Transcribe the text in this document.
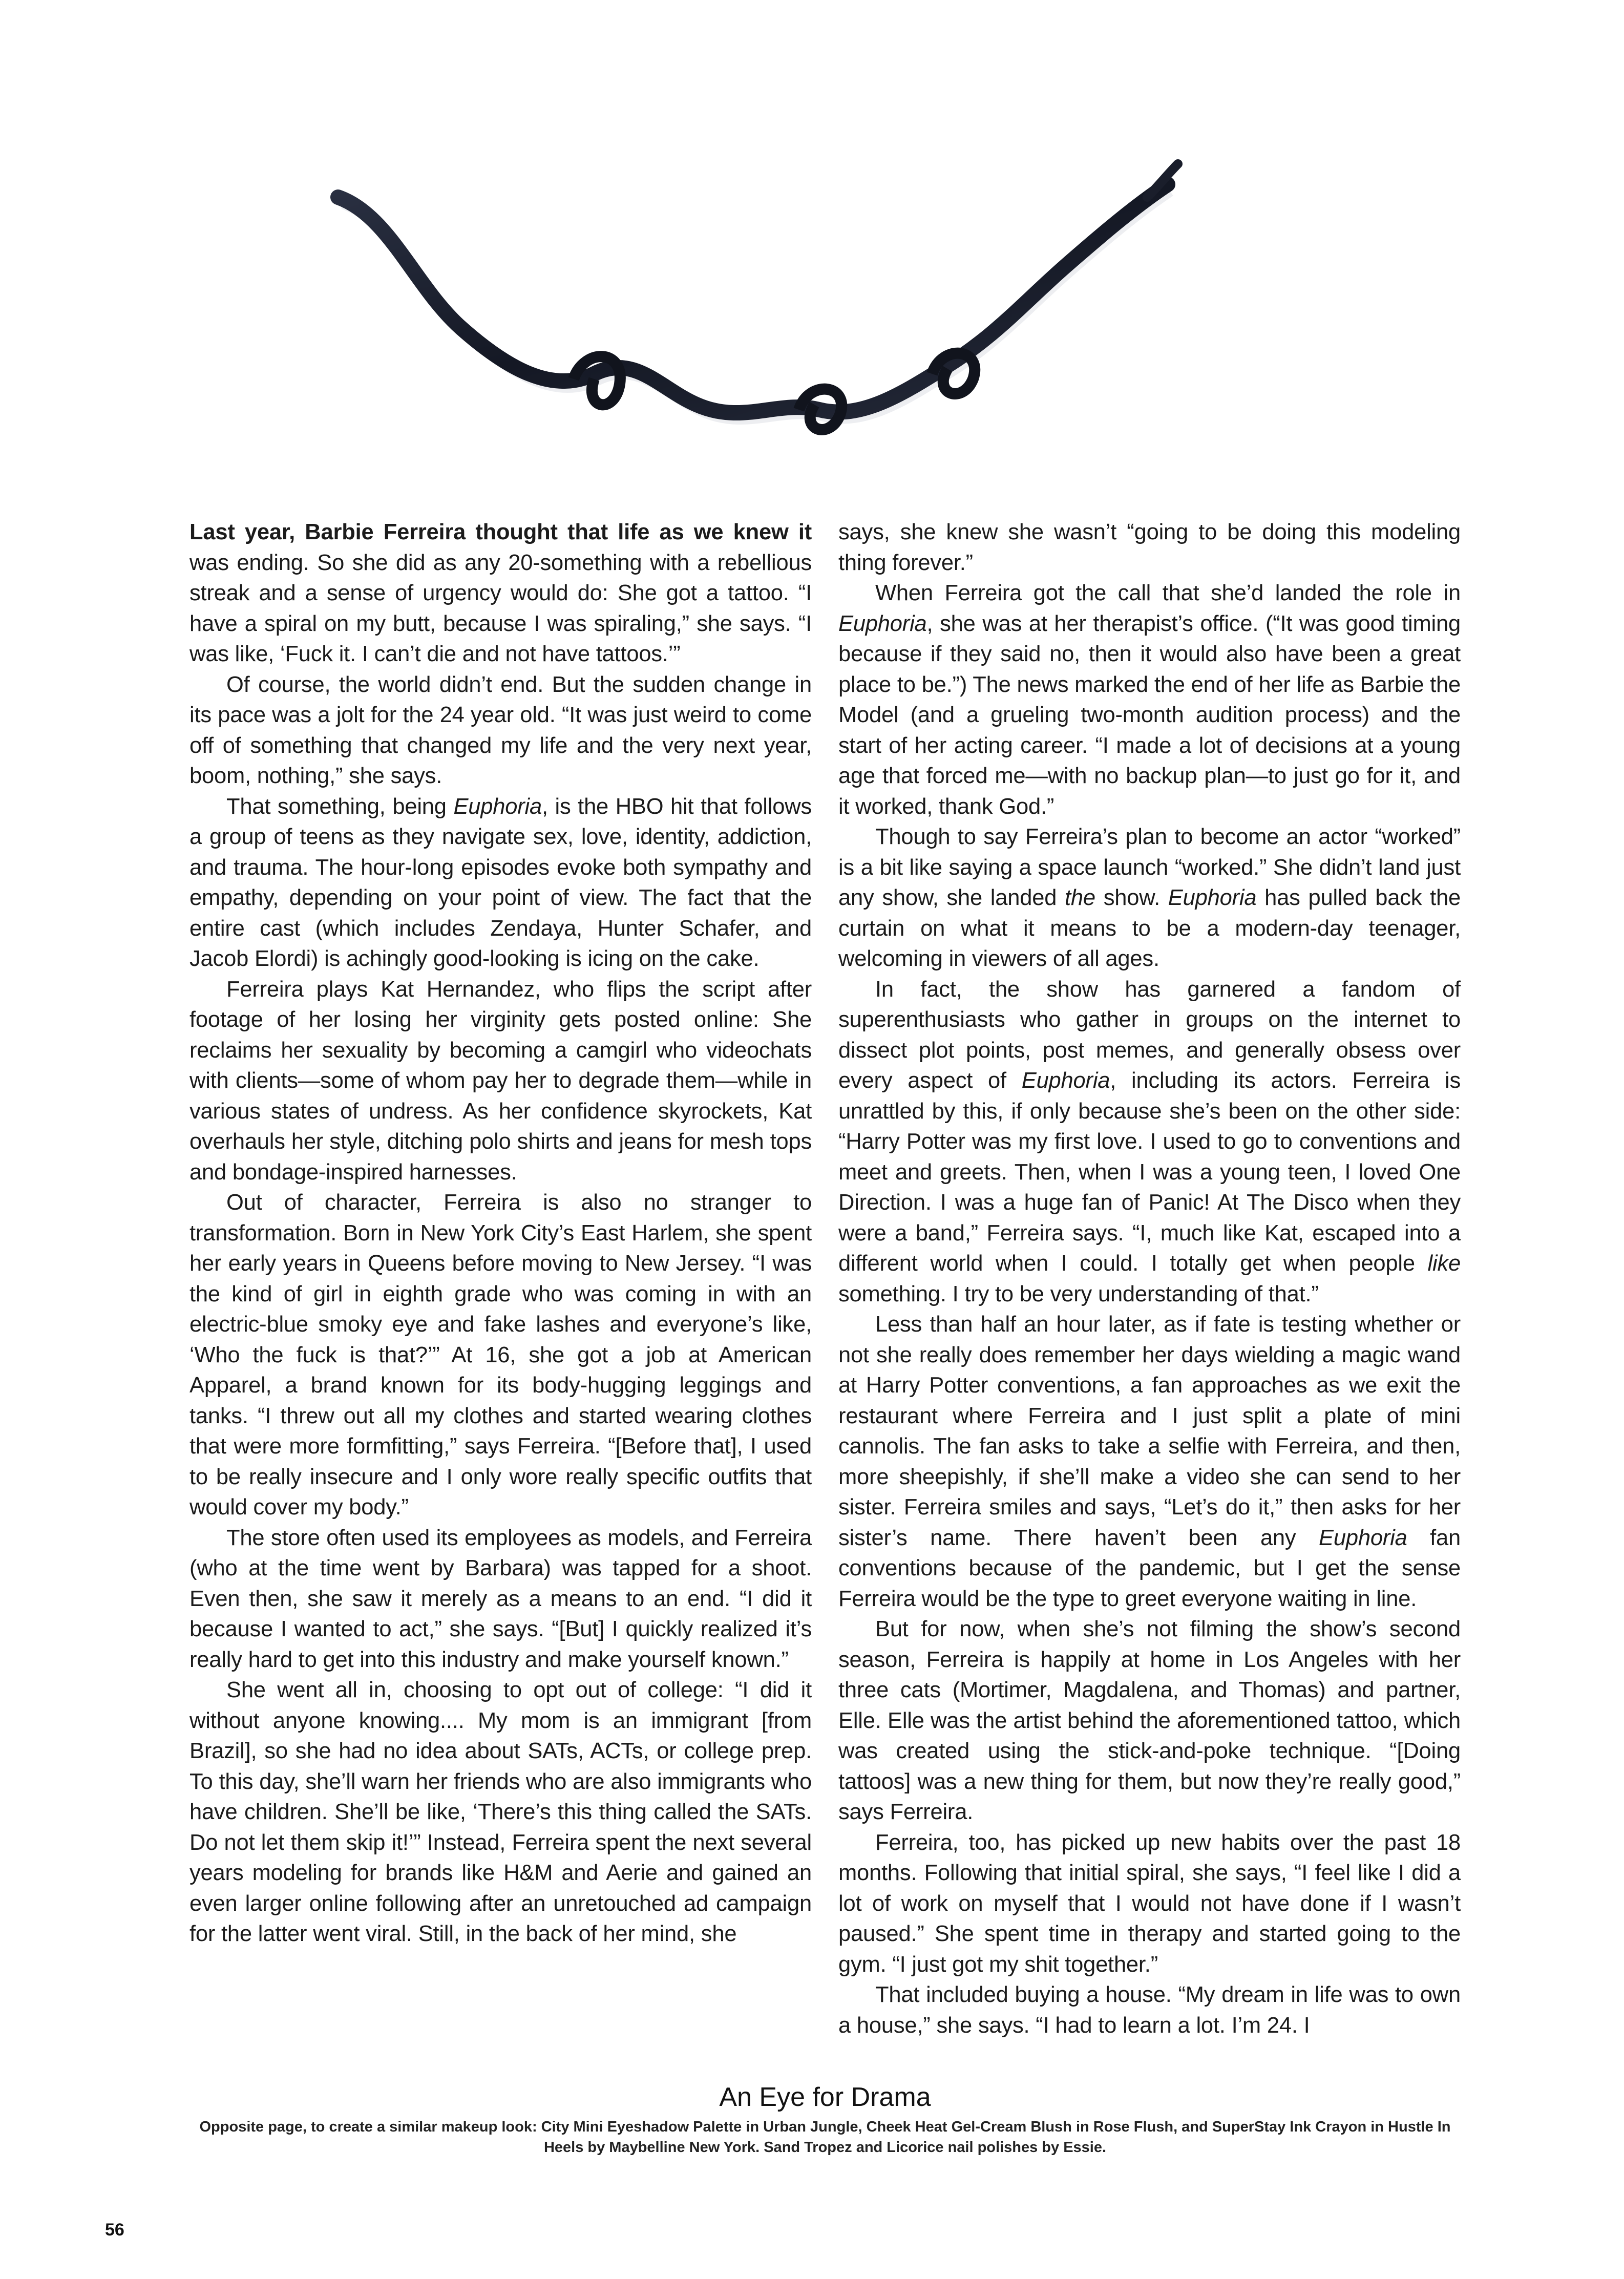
Last year, Barbie Ferreira thought that life as we knew it was ending. So she did as any 20-something with a rebellious streak and a sense of urgency would do: She got a tattoo. “I have a spiral on my butt, because I was spiraling,” she says. “I was like, ‘Fuck it. I can’t die and not have tattoos.’”

Of course, the world didn’t end. But the sudden change in its pace was a jolt for the 24 year old. “It was just weird to come off of something that changed my life and the very next year, boom, nothing,” she says.

That something, being Euphoria, is the HBO hit that follows a group of teens as they navigate sex, love, identity, addiction, and trauma. The hour-long episodes evoke both sympathy and empathy, depending on your point of view. The fact that the entire cast (which includes Zendaya, Hunter Schafer, and Jacob Elordi) is achingly good-looking is icing on the cake.

Ferreira plays Kat Hernandez, who flips the script after footage of her losing her virginity gets posted online: She reclaims her sexuality by becoming a camgirl who videochats with clients—some of whom pay her to degrade them—while in various states of undress. As her confidence skyrockets, Kat overhauls her style, ditching polo shirts and jeans for mesh tops and bondage-inspired harnesses.

Out of character, Ferreira is also no stranger to transformation. Born in New York City’s East Harlem, she spent her early years in Queens before moving to New Jersey. “I was the kind of girl in eighth grade who was coming in with an electric-blue smoky eye and fake lashes and everyone’s like, ‘Who the fuck is that?’” At 16, she got a job at American Apparel, a brand known for its body-hugging leggings and tanks. “I threw out all my clothes and started wearing clothes that were more formfitting,” says Ferreira. “[Before that], I used to be really insecure and I only wore really specific outfits that would cover my body.”

The store often used its employees as models, and Ferreira (who at the time went by Barbara) was tapped for a shoot. Even then, she saw it merely as a means to an end. “I did it because I wanted to act,” she says. “[But] I quickly realized it’s really hard to get into this industry and make yourself known.”

She went all in, choosing to opt out of college: “I did it without anyone knowing.... My mom is an immigrant [from Brazil], so she had no idea about SATs, ACTs, or college prep. To this day, she’ll warn her friends who are also immigrants who have children. She’ll be like, ‘There’s this thing called the SATs. Do not let them skip it!’” Instead, Ferreira spent the next several years modeling for brands like H&M and Aerie and gained an even larger online following after an unretouched ad campaign for the latter went viral. Still, in the back of her mind, she

says, she knew she wasn’t “going to be doing this modeling thing forever.”

When Ferreira got the call that she’d landed the role in Euphoria, she was at her therapist’s office. (“It was good timing because if they said no, then it would also have been a great place to be.”) The news marked the end of her life as Barbie the Model (and a grueling two-month audition process) and the start of her acting career. “I made a lot of decisions at a young age that forced me—with no backup plan—to just go for it, and it worked, thank God.”

Though to say Ferreira’s plan to become an actor “worked” is a bit like saying a space launch “worked.” She didn’t land just any show, she landed the show. Euphoria has pulled back the curtain on what it means to be a modern-day teenager, welcoming in viewers of all ages.

In fact, the show has garnered a fandom of superenthusiasts who gather in groups on the internet to dissect plot points, post memes, and generally obsess over every aspect of Euphoria, including its actors. Ferreira is unrattled by this, if only because she’s been on the other side: “Harry Potter was my first love. I used to go to conventions and meet and greets. Then, when I was a young teen, I loved One Direction. I was a huge fan of Panic! At The Disco when they were a band,” Ferreira says. “I, much like Kat, escaped into a different world when I could. I totally get when people like something. I try to be very understanding of that.”

Less than half an hour later, as if fate is testing whether or not she really does remember her days wielding a magic wand at Harry Potter conventions, a fan approaches as we exit the restaurant where Ferreira and I just split a plate of mini cannolis. The fan asks to take a selfie with Ferreira, and then, more sheepishly, if she’ll make a video she can send to her sister. Ferreira smiles and says, “Let’s do it,” then asks for her sister’s name. There haven’t been any Euphoria fan conventions because of the pandemic, but I get the sense Ferreira would be the type to greet everyone waiting in line.

But for now, when she’s not filming the show’s second season, Ferreira is happily at home in Los Angeles with her three cats (Mortimer, Magdalena, and Thomas) and partner, Elle. Elle was the artist behind the aforementioned tattoo, which was created using the stick-and-poke technique. “[Doing tattoos] was a new thing for them, but now they’re really good,” says Ferreira.

Ferreira, too, has picked up new habits over the past 18 months. Following that initial spiral, she says, “I feel like I did a lot of work on myself that I would not have done if I wasn’t paused.” She spent time in therapy and started going to the gym. “I just got my shit together.”

That included buying a house. “My dream in life was to own a house,” she says. “I had to learn a lot. I’m 24. I

An Eye for Drama

Opposite page, to create a similar makeup look: City Mini Eyeshadow Palette in Urban Jungle, Cheek Heat Gel-Cream Blush in Rose Flush, and SuperStay Ink Crayon in Hustle In Heels by Maybelline New York. Sand Tropez and Licorice nail polishes by Essie.

56
